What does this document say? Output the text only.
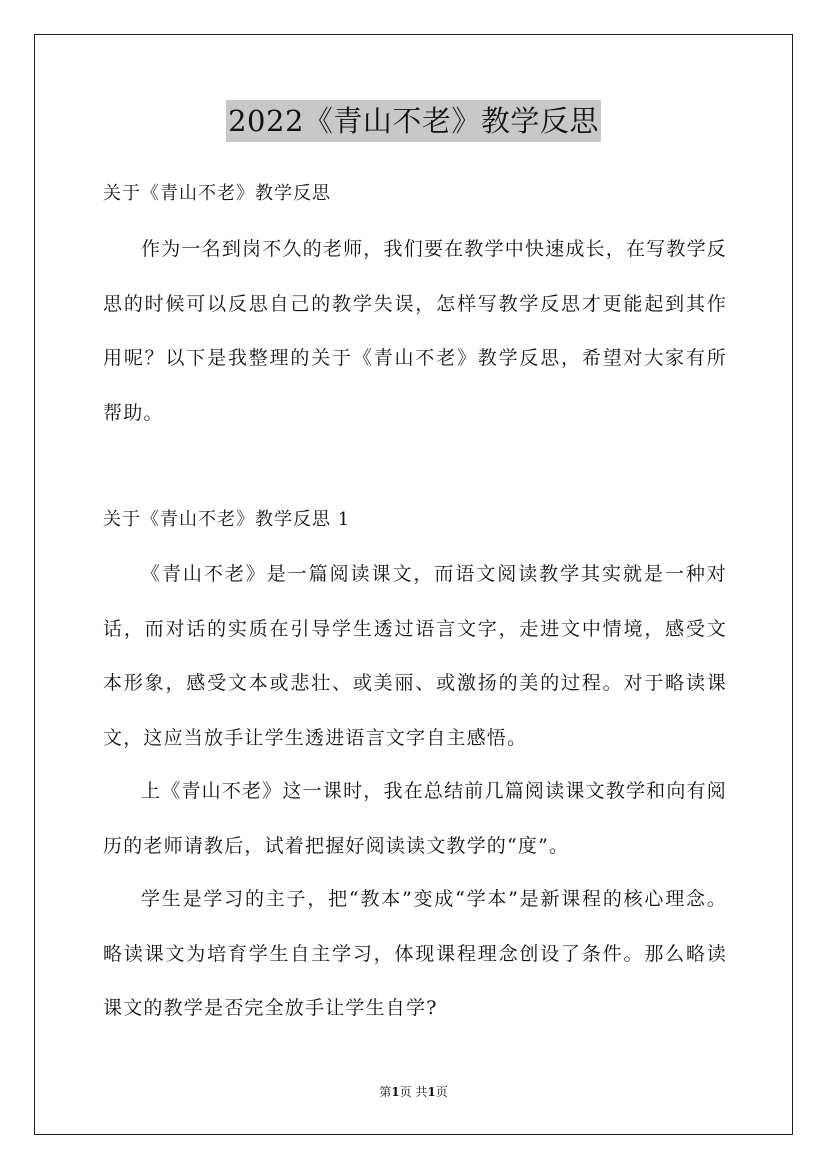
2022《青山不老》教学反思
关于《青山不老》教学反思

作为一名到岗不久的老师，我们要在教学中快速成长，在写教学反思的时候可以反思自己的教学失误，怎样写教学反思才更能起到其作用呢？以下是我整理的关于《青山不老》教学反思，希望对大家有所帮助。

关于《青山不老》教学反思 1

《青山不老》是一篇阅读课文，而语文阅读教学其实就是一种对话，而对话的实质在引导学生透过语言文字，走进文中情境，感受文本形象，感受文本或悲壮、或美丽、或激扬的美的过程。对于略读课文，这应当放手让学生透进语言文字自主感悟。

上《青山不老》这一课时，我在总结前几篇阅读课文教学和向有阅历的老师请教后，试着把握好阅读读文教学的“度”。

学生是学习的主子，把“教本”变成“学本”是新课程的核心理念。略读课文为培育学生自主学习，体现课程理念创设了条件。那么略读课文的教学是否完全放手让学生自学?

第1页 共1页
